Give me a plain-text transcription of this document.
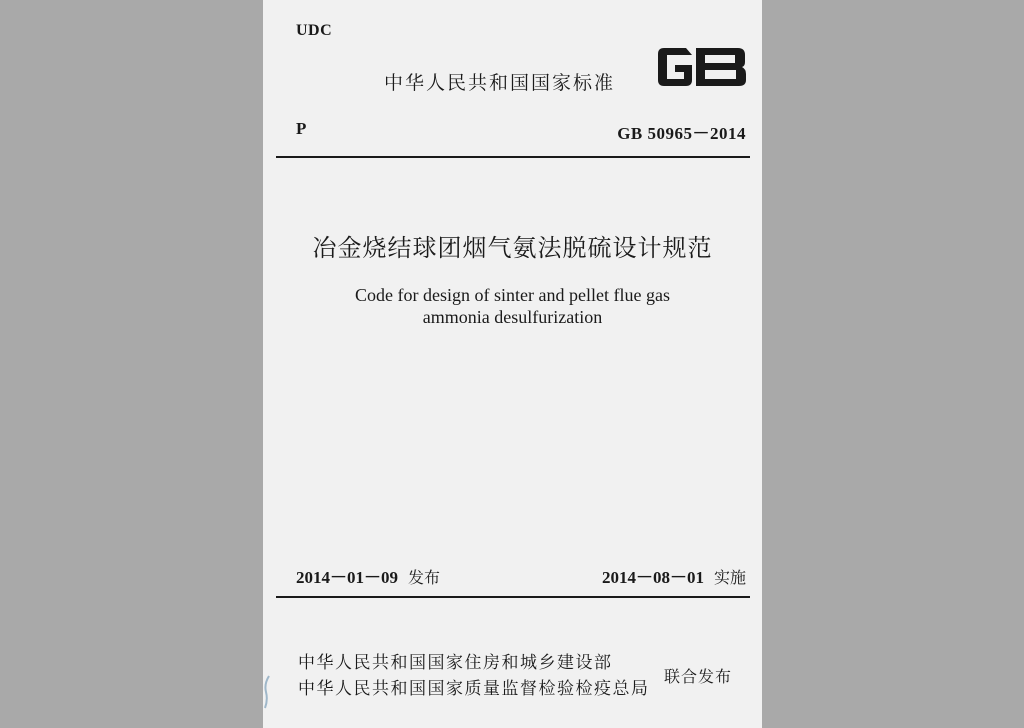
UDC
中华人民共和国国家标准
GB
P	GB 50965－2014
冶金烧结球团烟气氨法脱硫设计规范
Code for design of sinter and pellet flue gas
ammonia desulfurization
2014－01－09 发布	2014－08－01 实施
中华人民共和国国家住房和城乡建设部
中华人民共和国国家质量监督检验检疫总局
联合发布
